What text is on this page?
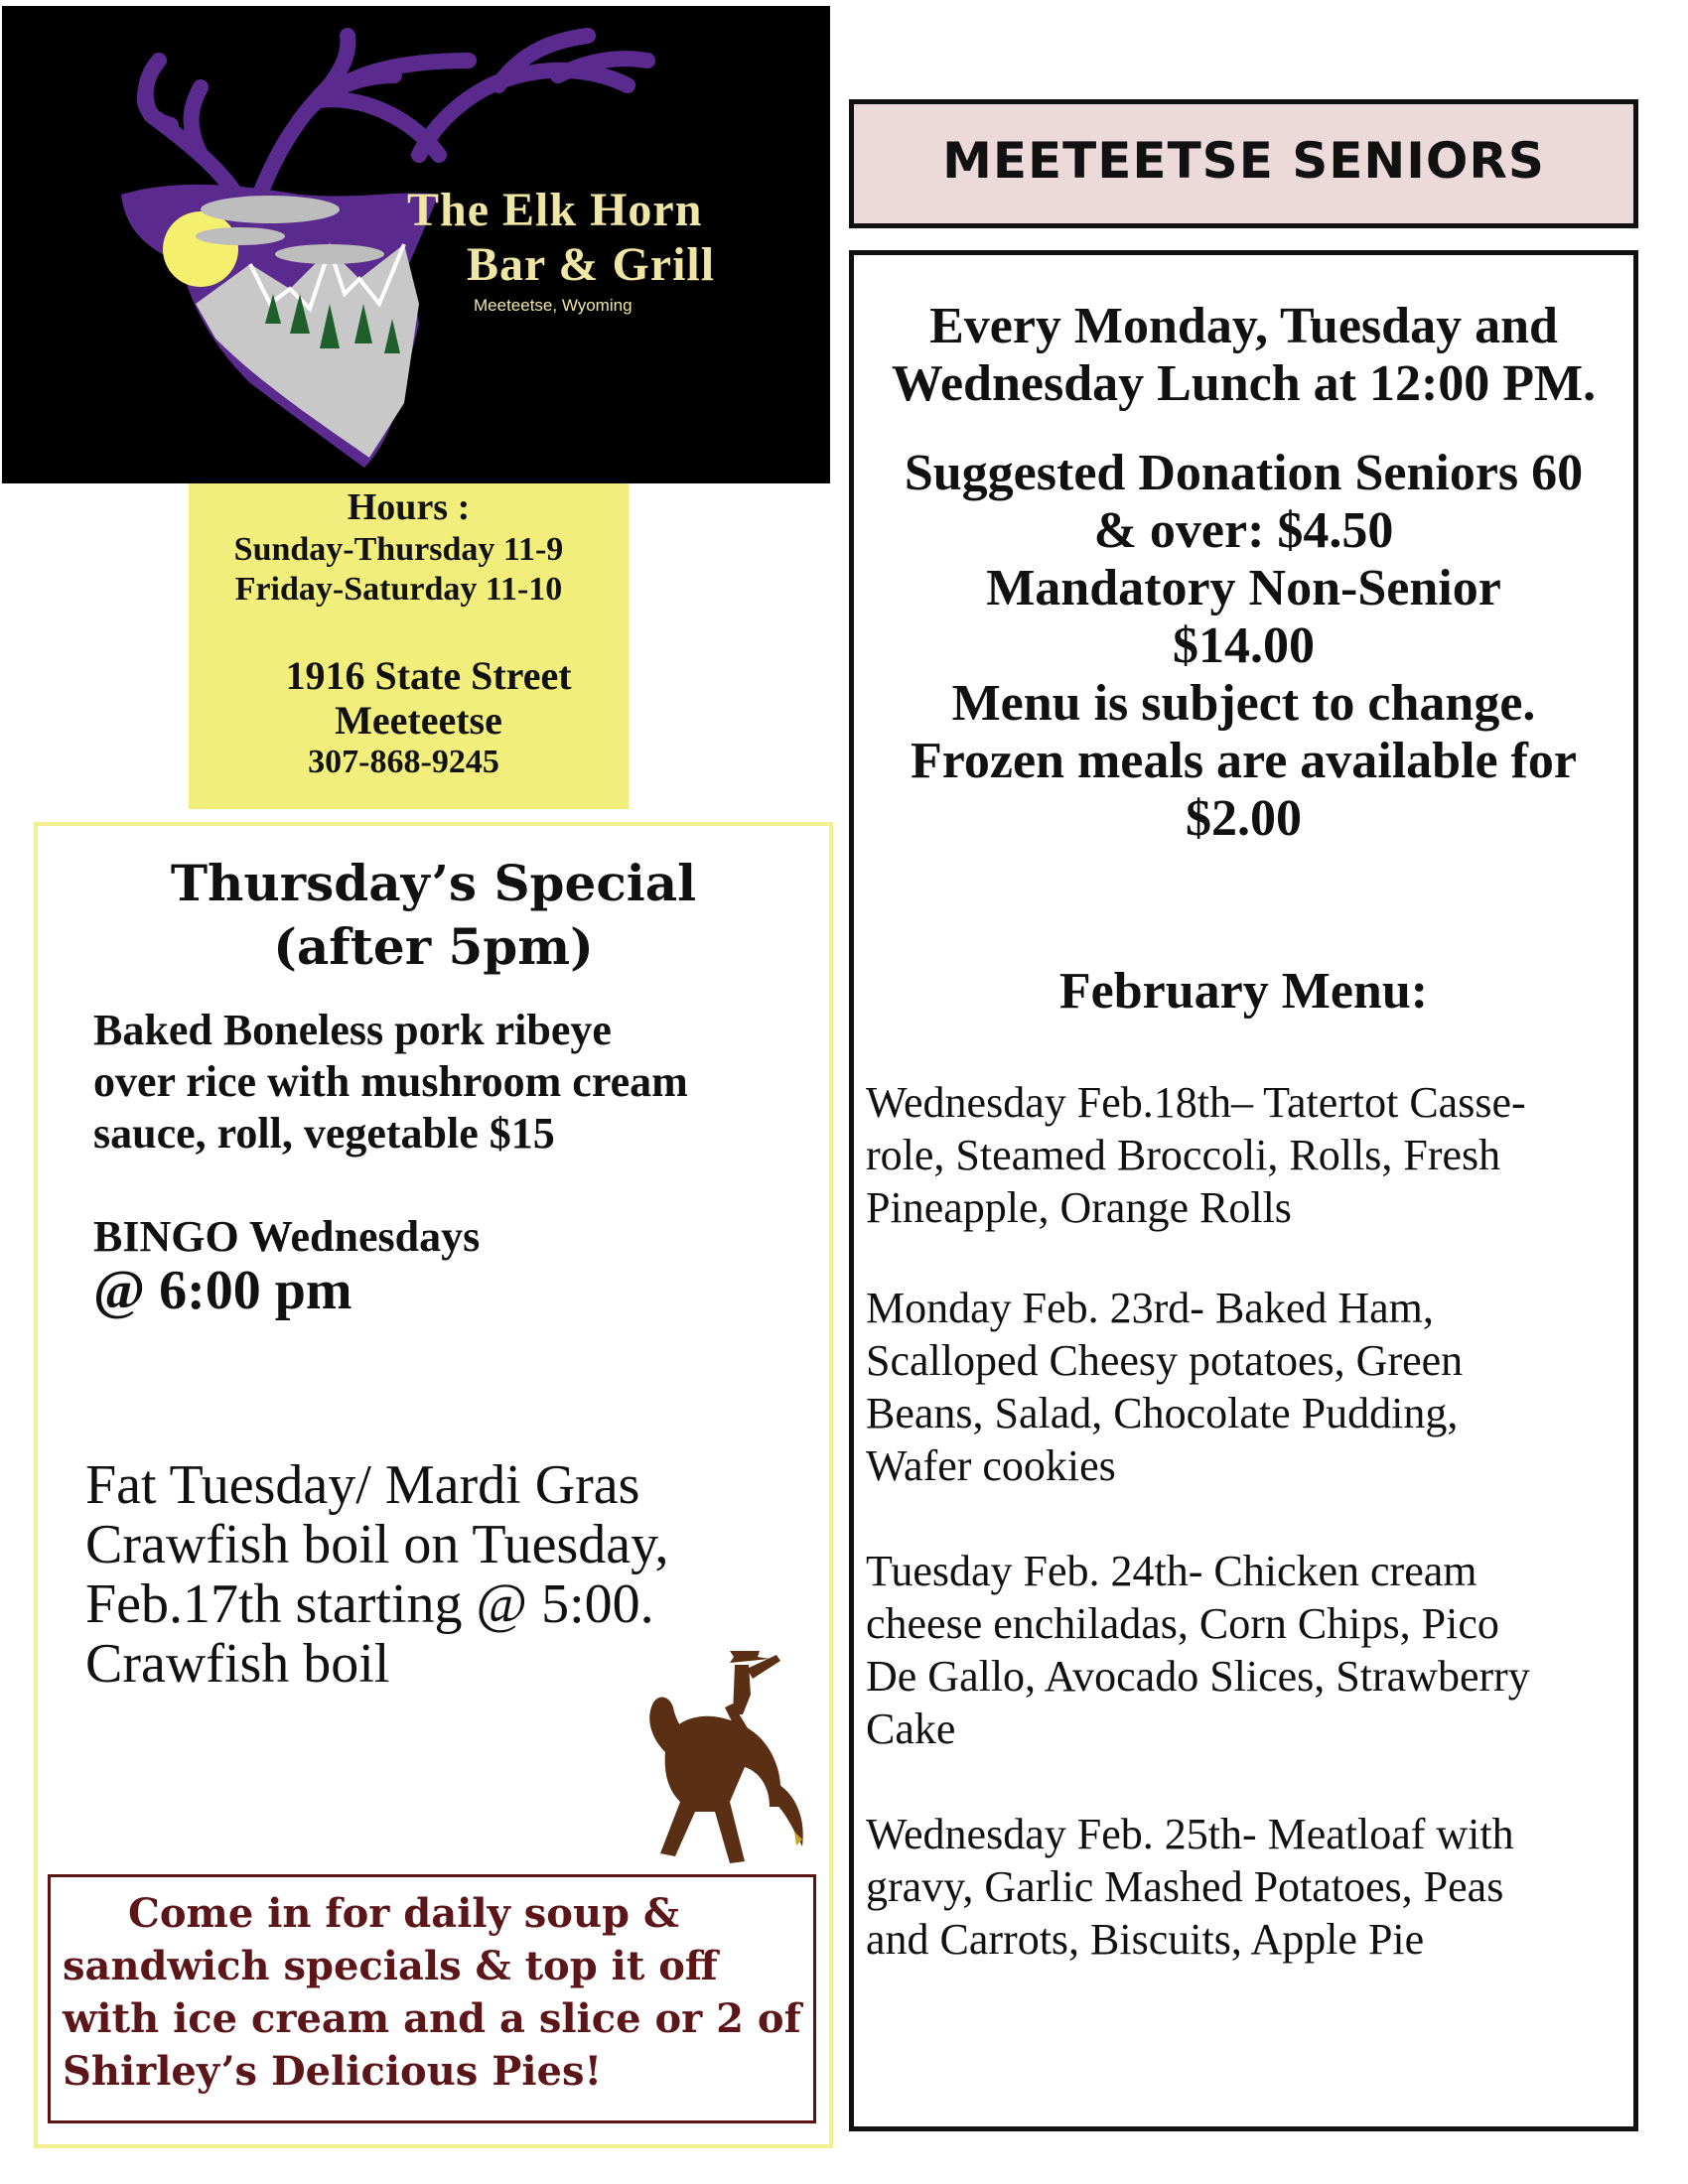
The Elk Horn
Bar & Grill
Meeteetse, Wyoming
Hours :
Sunday-Thursday 11-9
Friday-Saturday 11-10
1916 State Street
Meeteetse
307-868-9245
Thursday’s Special
(after 5pm)
Baked Boneless pork ribeye
over rice with mushroom cream
sauce, roll, vegetable $15
BINGO Wednesdays
@ 6:00 pm
Fat Tuesday/ Mardi Gras
Crawfish boil on Tuesday,
Feb.17th starting @ 5:00.
Crawfish boil
Come in for daily soup &
sandwich specials & top it off
with ice cream and a slice or 2 of
Shirley’s Delicious Pies!
MEETEETSE SENIORS
Every Monday, Tuesday and
Wednesday Lunch at 12:00 PM.
Suggested Donation Seniors 60
& over: $4.50
Mandatory Non-Senior
$14.00
Menu is subject to change.
Frozen meals are available for
$2.00
February Menu:
Wednesday Feb.18th– Tatertot Casse-
role, Steamed Broccoli, Rolls, Fresh
Pineapple, Orange Rolls
Monday Feb. 23rd- Baked Ham,
Scalloped Cheesy potatoes, Green
Beans, Salad, Chocolate Pudding,
Wafer cookies
Tuesday Feb. 24th- Chicken cream
cheese enchiladas, Corn Chips, Pico
De Gallo, Avocado Slices, Strawberry
Cake
Wednesday Feb. 25th- Meatloaf with
gravy, Garlic Mashed Potatoes, Peas
and Carrots, Biscuits, Apple Pie
